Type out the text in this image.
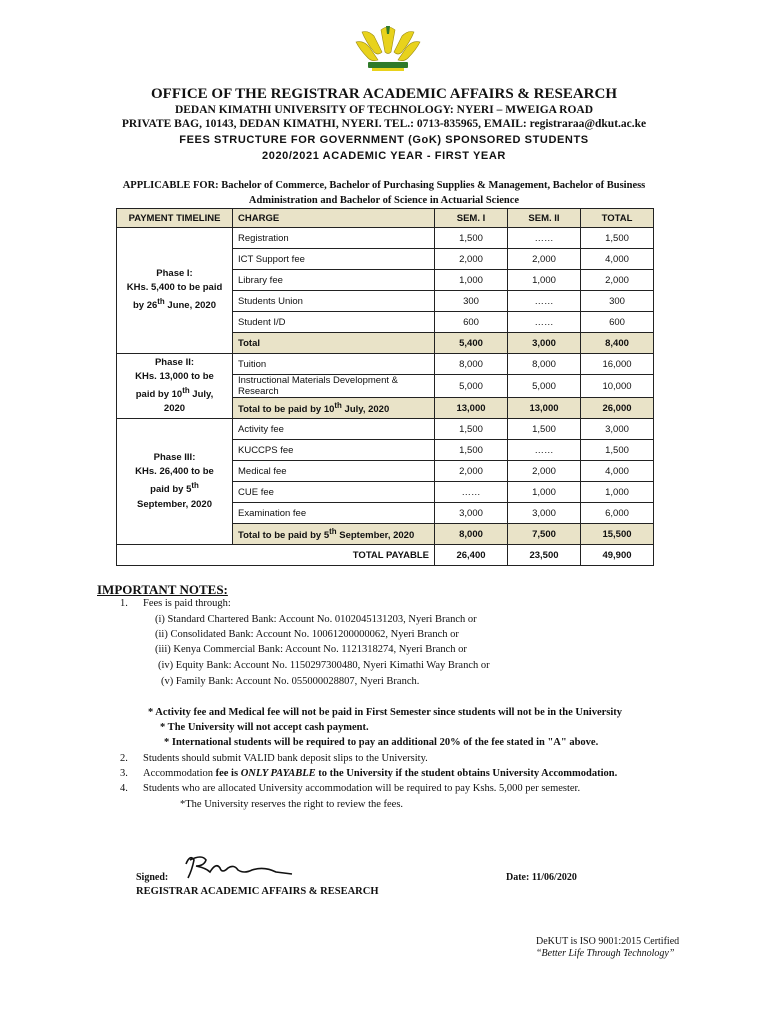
OFFICE OF THE REGISTRAR ACADEMIC AFFAIRS & RESEARCH
DEDAN KIMATHI UNIVERSITY OF TECHNOLOGY: NYERI – MWEIGA ROAD
PRIVATE BAG, 10143, DEDAN KIMATHI, NYERI. TEL.: 0713-835965, EMAIL: registraraa@dkut.ac.ke
FEES STRUCTURE FOR GOVERNMENT (GoK) SPONSORED STUDENTS
2020/2021 ACADEMIC YEAR - FIRST YEAR
APPLICABLE FOR: Bachelor of Commerce, Bachelor of Purchasing Supplies & Management, Bachelor of Business Administration and Bachelor of Science in Actuarial Science
PAYMENT TIMELINE	CHARGE	SEM. I	SEM. II	TOTAL
Phase I:
KHs. 5,400 to be paid
by 26th June, 2020	Registration	1,500	……	1,500
	ICT Support fee	2,000	2,000	4,000
	Library fee	1,000	1,000	2,000
	Students Union	300	……	300
	Student I/D	600	……	600
	Total	5,400	3,000	8,400
Phase II:
KHs. 13,000 to be
paid by 10th July,
2020	Tuition	8,000	8,000	16,000
	Instructional Materials Development & Research	5,000	5,000	10,000
	Total to be paid by 10th July, 2020	13,000	13,000	26,000
Phase III:
KHs. 26,400 to be
paid by 5th
September, 2020	Activity fee	1,500	1,500	3,000
	KUCCPS fee	1,500	……	1,500
	Medical fee	2,000	2,000	4,000
	CUE fee	……	1,000	1,000
	Examination fee	3,000	3,000	6,000
	Total to be paid by 5th September, 2020	8,000	7,500	15,500
TOTAL PAYABLE		26,400	23,500	49,900
IMPORTANT NOTES:
1. Fees is paid through:
(i) Standard Chartered Bank: Account No. 0102045131203, Nyeri Branch or
(ii) Consolidated Bank: Account No. 10061200000062, Nyeri Branch or
(iii) Kenya Commercial Bank: Account No. 1121318274, Nyeri Branch or
(iv) Equity Bank: Account No. 1150297300480, Nyeri Kimathi Way Branch or
(v) Family Bank: Account No. 055000028807, Nyeri Branch.
* Activity fee and Medical fee will not be paid in First Semester since students will not be in the University
* The University will not accept cash payment.
* International students will be required to pay an additional 20% of the fee stated in "A" above.
2. Students should submit VALID bank deposit slips to the University.
3. Accommodation fee is ONLY PAYABLE to the University if the student obtains University Accommodation.
4. Students who are allocated University accommodation will be required to pay Kshs. 5,000 per semester.
*The University reserves the right to review the fees.
Signed:
REGISTRAR ACADEMIC AFFAIRS & RESEARCH
Date: 11/06/2020
DeKUT is ISO 9001:2015 Certified
“Better Life Through Technology”
